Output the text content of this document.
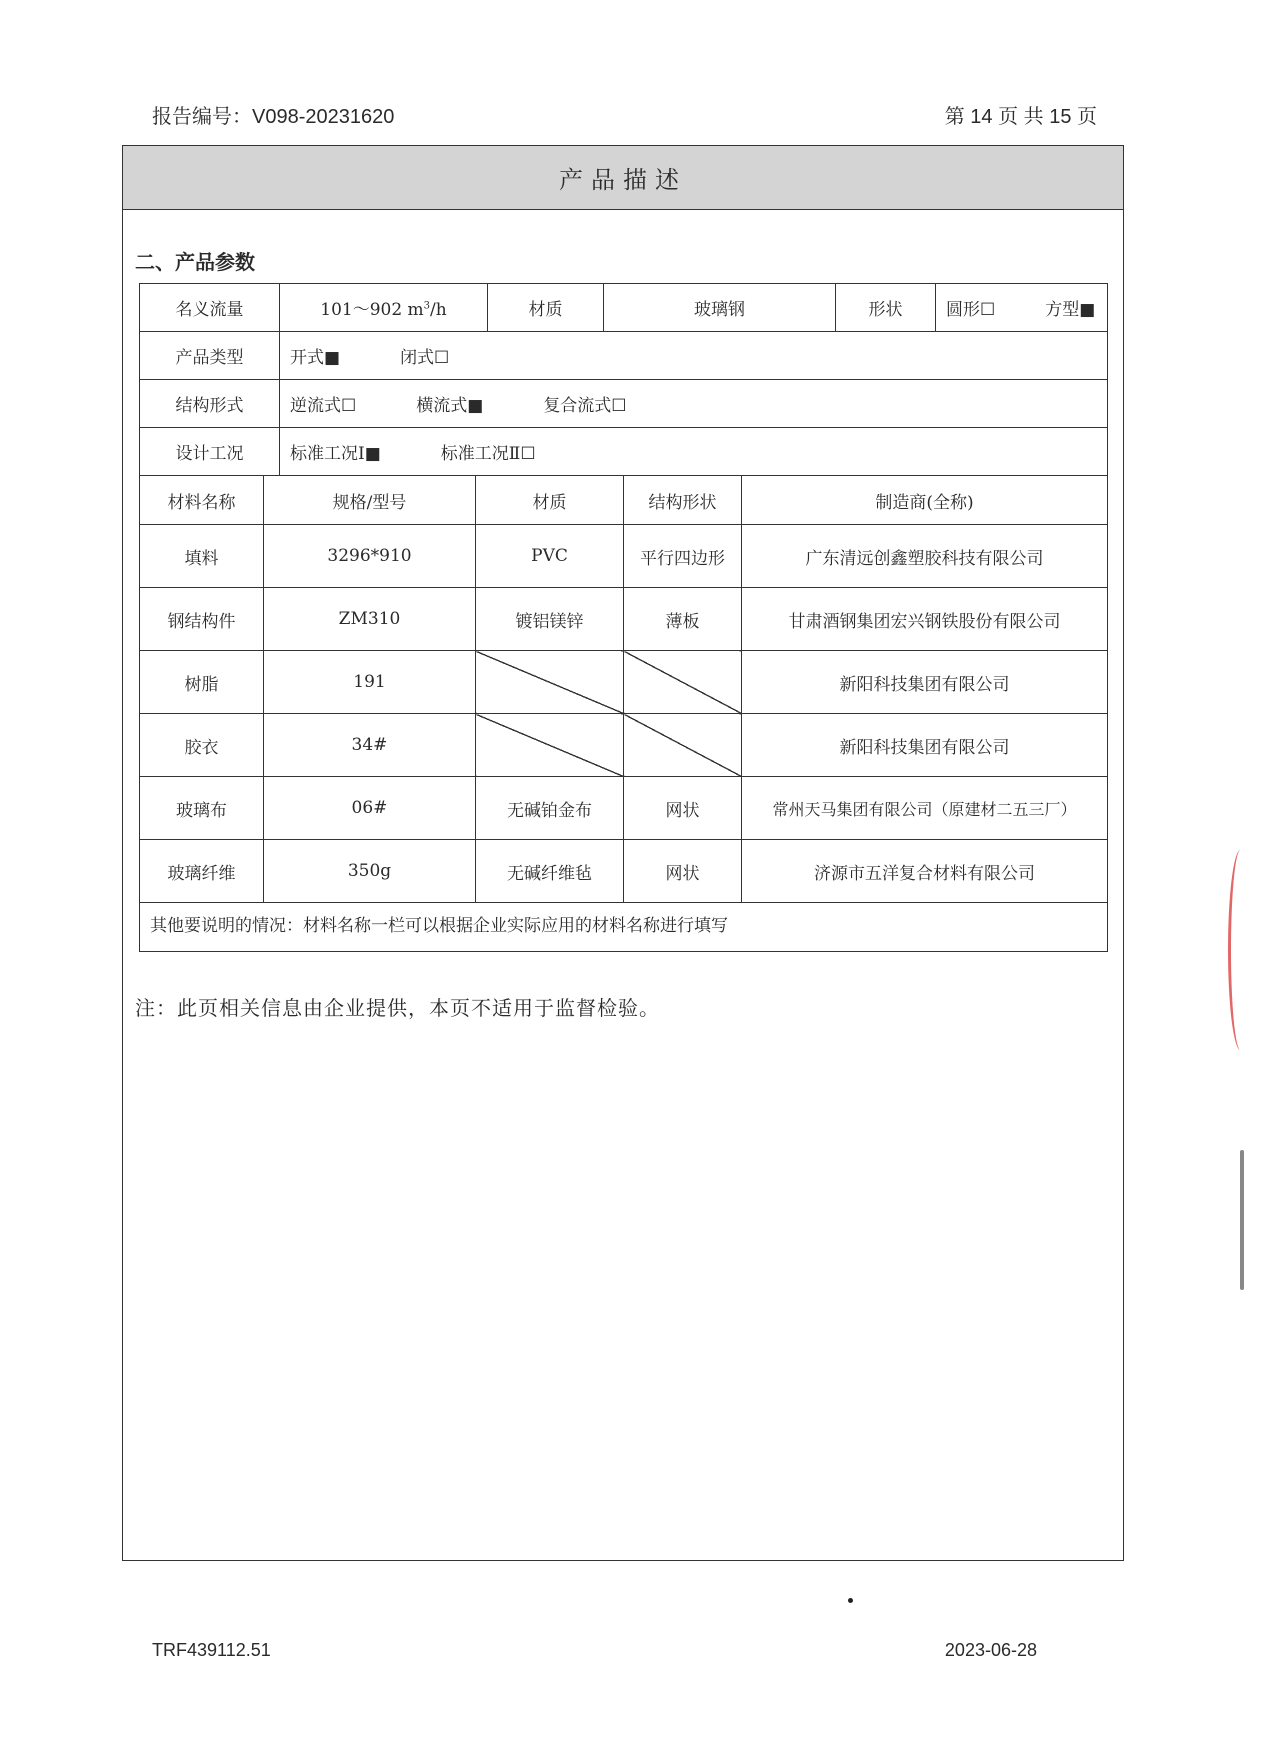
报告编号：V098-20231620	第 14 页 共 15 页
产品描述
二、产品参数
名义流量	101～902 $m^3/h$	材质	玻璃钢	形状	圆形☐ 方型■
产品类型	开式■ 闭式☐				
结构形式	逆流式☐ 横流式■ 复合流式☐				
设计工况	标准工况Ⅰ■ 标准工况Ⅱ☐				
材料名称	规格/型号	材质	结构形状	制造商(全称)
填料	3296*910	PVC	平行四边形	广东清远创鑫塑胶科技有限公司
钢结构件	ZM310	镀铝镁锌	薄板	甘肃酒钢集团宏兴钢铁股份有限公司
树脂	191			新阳科技集团有限公司
胶衣	34#			新阳科技集团有限公司
玻璃布	06#	无碱铂金布	网状	常州天马集团有限公司（原建材二五三厂）
玻璃纤维	350g	无碱纤维毡	网状	济源市五洋复合材料有限公司
其他要说明的情况：材料名称一栏可以根据企业实际应用的材料名称进行填写				
注：此页相关信息由企业提供，本页不适用于监督检验。
TRF439112.51	2023-06-28
